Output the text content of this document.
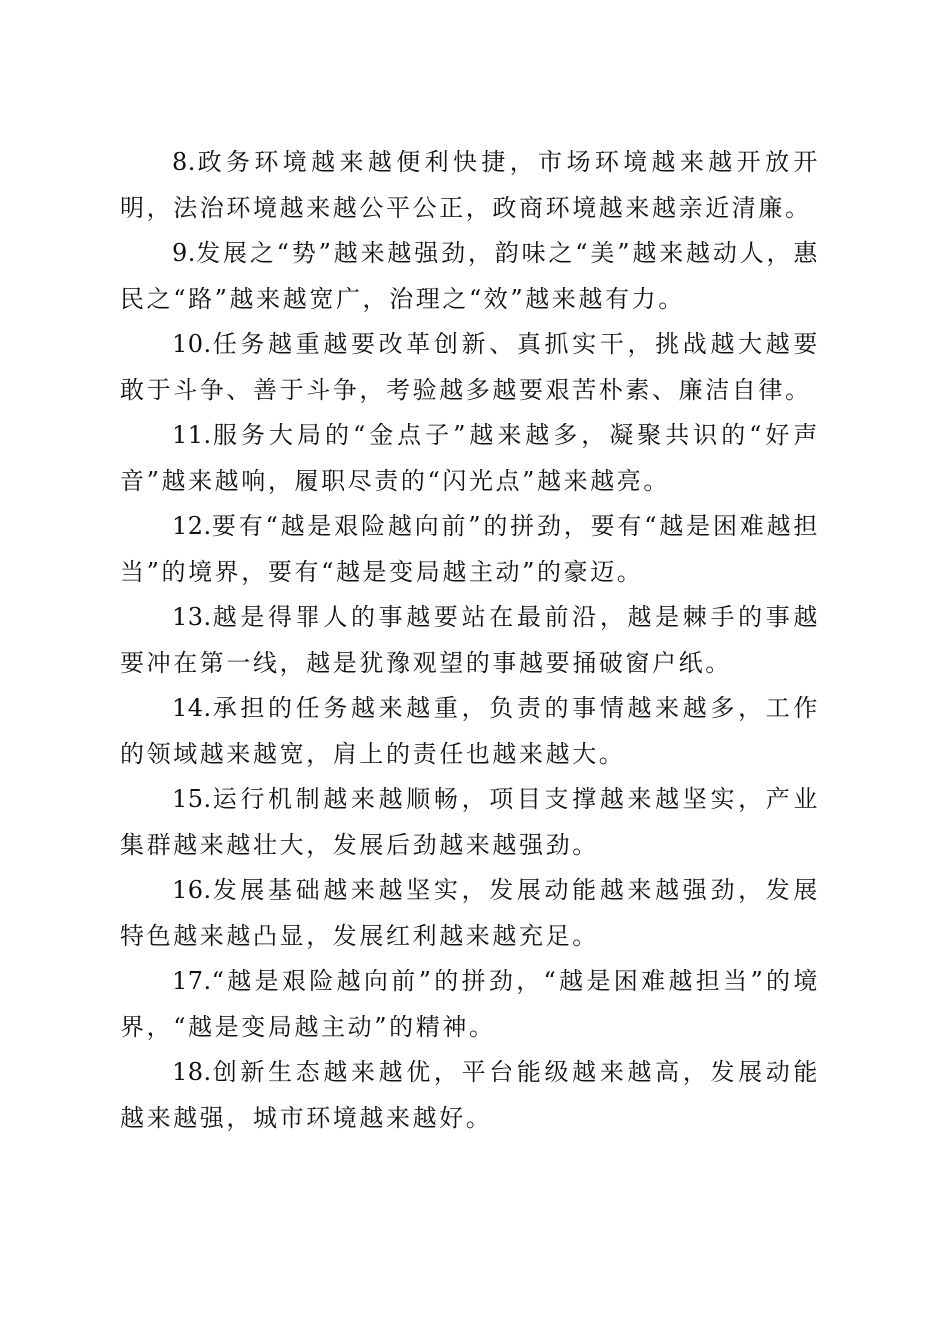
8.政务环境越来越便利快捷，市场环境越来越开放开明，法治环境越来越公平公正，政商环境越来越亲近清廉。

9.发展之“势”越来越强劲，韵味之“美”越来越动人，惠民之“路”越来越宽广，治理之“效”越来越有力。

10.任务越重越要改革创新、真抓实干，挑战越大越要敢于斗争、善于斗争，考验越多越要艰苦朴素、廉洁自律。

11.服务大局的“金点子”越来越多，凝聚共识的“好声音”越来越响，履职尽责的“闪光点”越来越亮。

12.要有“越是艰险越向前”的拼劲，要有“越是困难越担当”的境界，要有“越是变局越主动”的豪迈。

13.越是得罪人的事越要站在最前沿，越是棘手的事越要冲在第一线，越是犹豫观望的事越要捅破窗户纸。

14.承担的任务越来越重，负责的事情越来越多，工作的领域越来越宽，肩上的责任也越来越大。

15.运行机制越来越顺畅，项目支撑越来越坚实，产业集群越来越壮大，发展后劲越来越强劲。

16.发展基础越来越坚实，发展动能越来越强劲，发展特色越来越凸显，发展红利越来越充足。

17.“越是艰险越向前”的拼劲，“越是困难越担当”的境界，“越是变局越主动”的精神。

18.创新生态越来越优，平台能级越来越高，发展动能越来越强，城市环境越来越好。
